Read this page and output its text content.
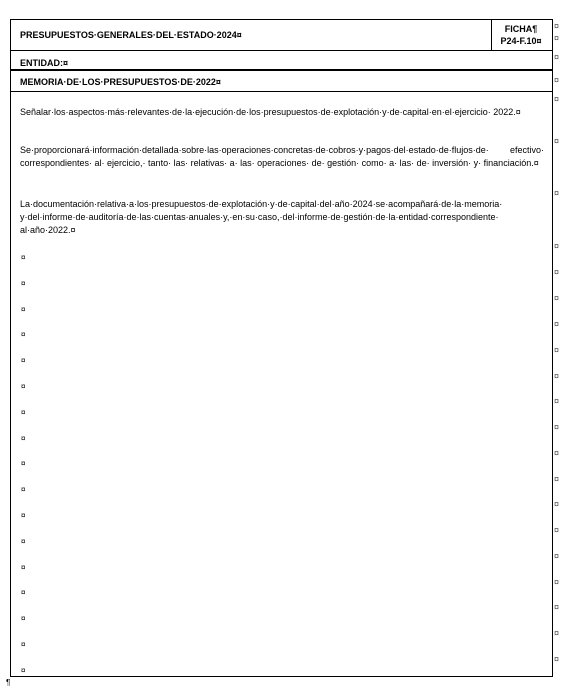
PRESUPUESTOS·GENERALES·DEL·ESTADO·2024¤
FICHA¶
P24-F.10¤
ENTIDAD:¤
MEMORIA·DE·LOS·PRESUPUESTOS·DE·2022¤
Señalar·los·aspectos·más·relevantes·de·la·ejecución·de·los·presupuestos·de·explotación·y·de·capital·en·el·ejercicio· 2022.¤
Se·proporcionará·información·detallada·sobre·las·operaciones·concretas·de·cobros·y·pagos·del·estado·de·flujos·de· efectivo· correspondientes· al· ejercicio,· tanto· las· relativas· a· las· operaciones· de· gestión· como· a· las· de· inversión· y· financiación.¤
La·documentación·relativa·a·los·presupuestos·de·explotación·y·de·capital·del·año·2024·se·acompañará·de·la·memoria· y·del·informe·de·auditoría·de·las·cuentas·anuales·y,·en·su·caso,·del·informe·de·gestión·de·la·entidad·correspondiente· al·año·2022.¤
¤
¤
¤
¤
¤
¤
¤
¤
¤
¤
¤
¤
¤
¤
¤
¤
¤
¤
¤
¤
¤
¤
¤
¤
¤
¤
¤
¤
¤
¤
¤
¤
¤
¤
¤
¤
¤
¤
¤
¤
¤
¶
